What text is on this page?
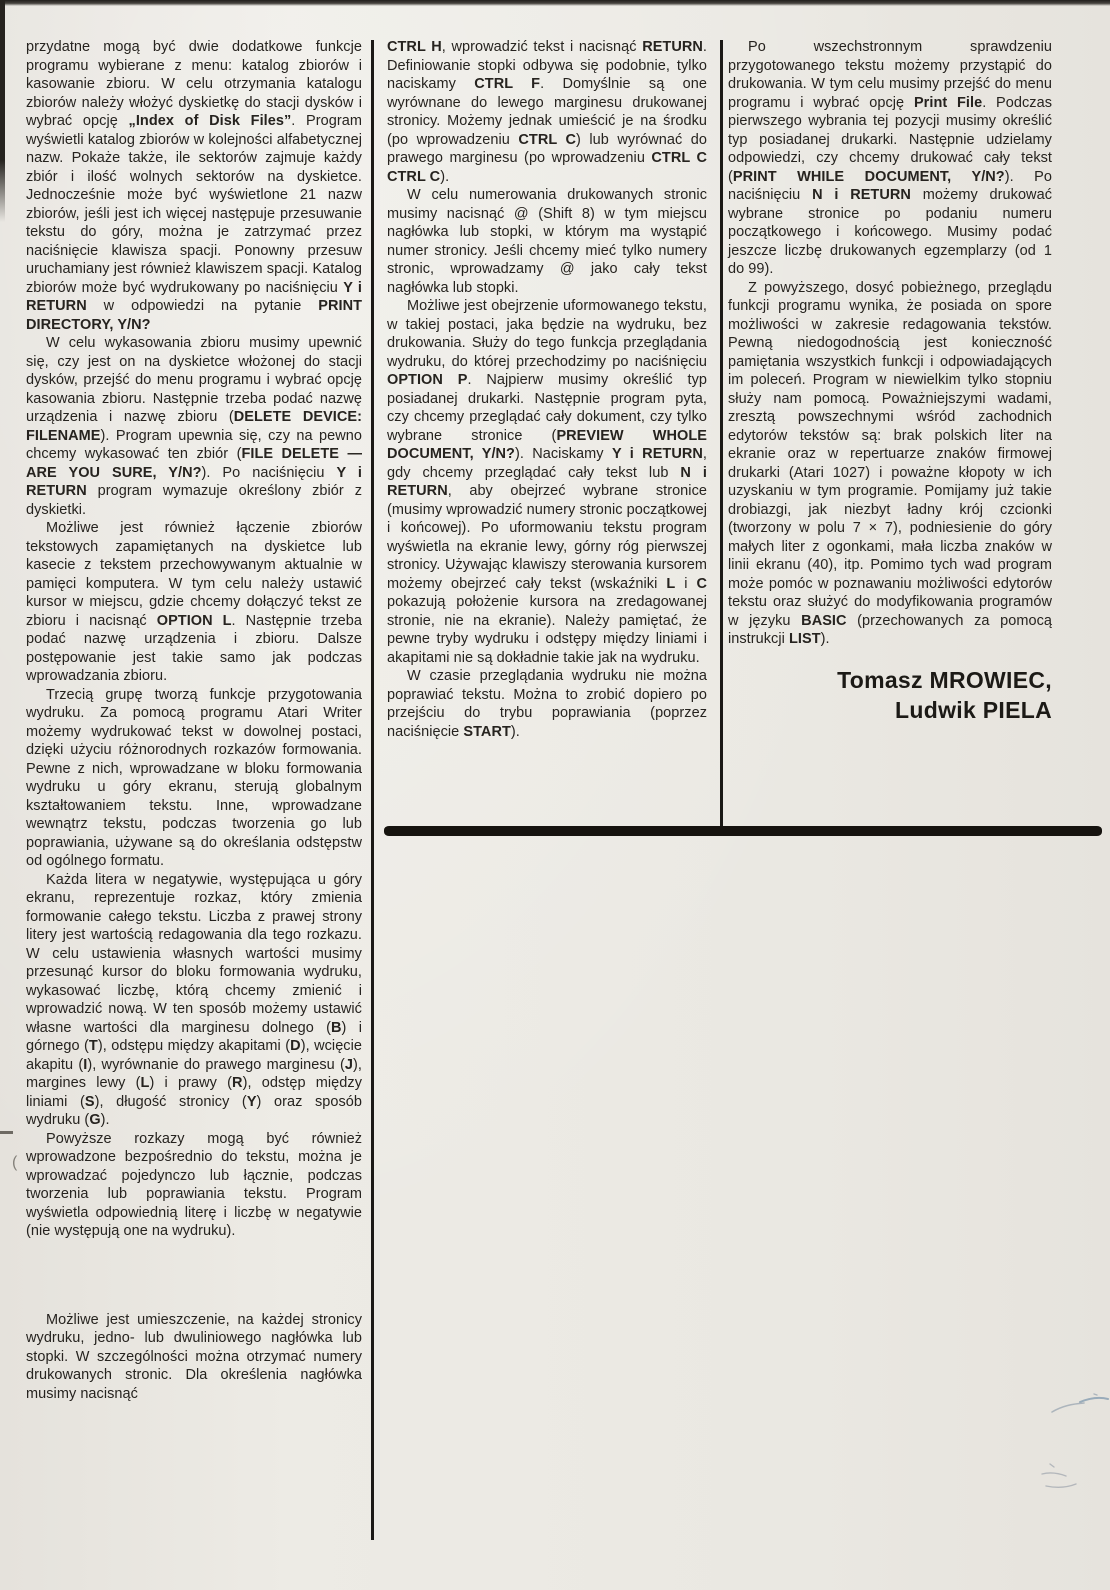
przydatne mogą być dwie dodatkowe funkcje programu wybierane z menu: katalog zbiorów i kasowanie zbioru. W celu otrzymania katalogu zbiorów należy włożyć dyskietkę do stacji dysków i wybrać opcję „Index of Disk Files”. Program wyświetli katalog zbiorów w kolejności alfabetycznej nazw. Pokaże także, ile sektorów zajmuje każdy zbiór i ilość wolnych sektorów na dyskietce. Jednocześnie może być wyświetlone 21 nazw zbiorów, jeśli jest ich więcej następuje przesuwanie tekstu do góry, można je zatrzymać przez naciśnięcie klawisza spacji. Ponowny przesuw uruchamiany jest również klawiszem spacji. Katalog zbiorów może być wydrukowany po naciśnięciu Y i RETURN w odpowiedzi na pytanie PRINT DIRECTORY, Y/N?

W celu wykasowania zbioru musimy upewnić się, czy jest on na dyskietce włożonej do stacji dysków, przejść do menu programu i wybrać opcję kasowania zbioru. Następnie trzeba podać nazwę urządzenia i nazwę zbioru (DELETE DEVICE: FILENAME). Program upewnia się, czy na pewno chcemy wykasować ten zbiór (FILE DELETE — ARE YOU SURE, Y/N?). Po naciśnięciu Y i RETURN program wymazuje określony zbiór z dyskietki.

Możliwe jest również łączenie zbiorów tekstowych zapamiętanych na dyskietce lub kasecie z tekstem przechowywanym aktualnie w pamięci komputera. W tym celu należy ustawić kursor w miejscu, gdzie chcemy dołączyć tekst ze zbioru i nacisnąć OPTION L. Następnie trzeba podać nazwę urządzenia i zbioru. Dalsze postępowanie jest takie samo jak podczas wprowadzania zbioru.

Trzecią grupę tworzą funkcje przygotowania wydruku. Za pomocą programu Atari Writer możemy wydrukować tekst w dowolnej postaci, dzięki użyciu różnorodnych rozkazów formowania. Pewne z nich, wprowadzane w bloku formowania wydruku u góry ekranu, sterują globalnym kształtowaniem tekstu. Inne, wprowadzane wewnątrz tekstu, podczas tworzenia go lub poprawiania, używane są do określania odstępstw od ogólnego formatu.

Każda litera w negatywie, występująca u góry ekranu, reprezentuje rozkaz, który zmienia formowanie całego tekstu. Liczba z prawej strony litery jest wartością redagowania dla tego rozkazu. W celu ustawienia własnych wartości musimy przesunąć kursor do bloku formowania wydruku, wykasować liczbę, którą chcemy zmienić i wprowadzić nową. W ten sposób możemy ustawić własne wartości dla marginesu dolnego (B) i górnego (T), odstępu między akapitami (D), wcięcie akapitu (I), wyrównanie do prawego marginesu (J), margines lewy (L) i prawy (R), odstęp między liniami (S), długość stronicy (Y) oraz sposób wydruku (G).

Powyższe rozkazy mogą być również wprowadzone bezpośrednio do tekstu, można je wprowadzać pojedynczo lub łącznie, podczas tworzenia lub poprawiania tekstu. Program wyświetla odpowiednią literę i liczbę w negatywie (nie występują one na wydruku).

Możliwe jest umieszczenie, na każdej stronicy wydruku, jedno- lub dwuliniowego nagłówka lub stopki. W szczególności można otrzymać numery drukowanych stronic. Dla określenia nagłówka musimy nacisnąć

CTRL H, wprowadzić tekst i nacisnąć RETURN. Definiowanie stopki odbywa się podobnie, tylko naciskamy CTRL F. Domyślnie są one wyrównane do lewego marginesu drukowanej stronicy. Możemy jednak umieścić je na środku (po wprowadzeniu CTRL C) lub wyrównać do prawego marginesu (po wprowadzeniu CTRL C CTRL C).

W celu numerowania drukowanych stronic musimy nacisnąć @ (Shift 8) w tym miejscu nagłówka lub stopki, w którym ma wystąpić numer stronicy. Jeśli chcemy mieć tylko numery stronic, wprowadzamy @ jako cały tekst nagłówka lub stopki.

Możliwe jest obejrzenie uformowanego tekstu, w takiej postaci, jaka będzie na wydruku, bez drukowania. Służy do tego funkcja przeglądania wydruku, do której przechodzimy po naciśnięciu OPTION P. Najpierw musimy określić typ posiadanej drukarki. Następnie program pyta, czy chcemy przeglądać cały dokument, czy tylko wybrane stronice (PREVIEW WHOLE DOCUMENT, Y/N?). Naciskamy Y i RETURN, gdy chcemy przeglądać cały tekst lub N i RETURN, aby obejrzeć wybrane stronice (musimy wprowadzić numery stronic początkowej i końcowej). Po uformowaniu tekstu program wyświetla na ekranie lewy, górny róg pierwszej stronicy. Używając klawiszy sterowania kursorem możemy obejrzeć cały tekst (wskaźniki L i C pokazują położenie kursora na zredagowanej stronie, nie na ekranie). Należy pamiętać, że pewne tryby wydruku i odstępy między liniami i akapitami nie są dokładnie takie jak na wydruku.

W czasie przeglądania wydruku nie można poprawiać tekstu. Można to zrobić dopiero po przejściu do trybu poprawiania (poprzez naciśnięcie START).

Po wszechstronnym sprawdzeniu przygotowanego tekstu możemy przystąpić do drukowania. W tym celu musimy przejść do menu programu i wybrać opcję Print File. Podczas pierwszego wybrania tej pozycji musimy określić typ posiadanej drukarki. Następnie udzielamy odpowiedzi, czy chcemy drukować cały tekst (PRINT WHILE DOCUMENT, Y/N?). Po naciśnięciu N i RETURN możemy drukować wybrane stronice po podaniu numeru początkowego i końcowego. Musimy podać jeszcze liczbę drukowanych egzemplarzy (od 1 do 99).

Z powyższego, dosyć pobieżnego, przeglądu funkcji programu wynika, że posiada on spore możliwości w zakresie redagowania tekstów. Pewną niedogodnością jest konieczność pamiętania wszystkich funkcji i odpowiadających im poleceń. Program w niewielkim tylko stopniu służy nam pomocą. Poważniejszymi wadami, zresztą powszechnymi wśród zachodnich edytorów tekstów są: brak polskich liter na ekranie oraz w repertuarze znaków firmowej drukarki (Atari 1027) i poważne kłopoty w ich uzyskaniu w tym programie. Pomijamy już takie drobiazgi, jak niezbyt ładny krój czcionki (tworzony w polu 7 × 7), podniesienie do góry małych liter z ogonkami, mała liczba znaków w linii ekranu (40), itp. Pomimo tych wad program może pomóc w poznawaniu możliwości edytorów tekstu oraz służyć do modyfikowania programów w języku BASIC (przechowanych za pomocą instrukcji LIST).

Tomasz MROWIEC,
Ludwik PIELA
(
